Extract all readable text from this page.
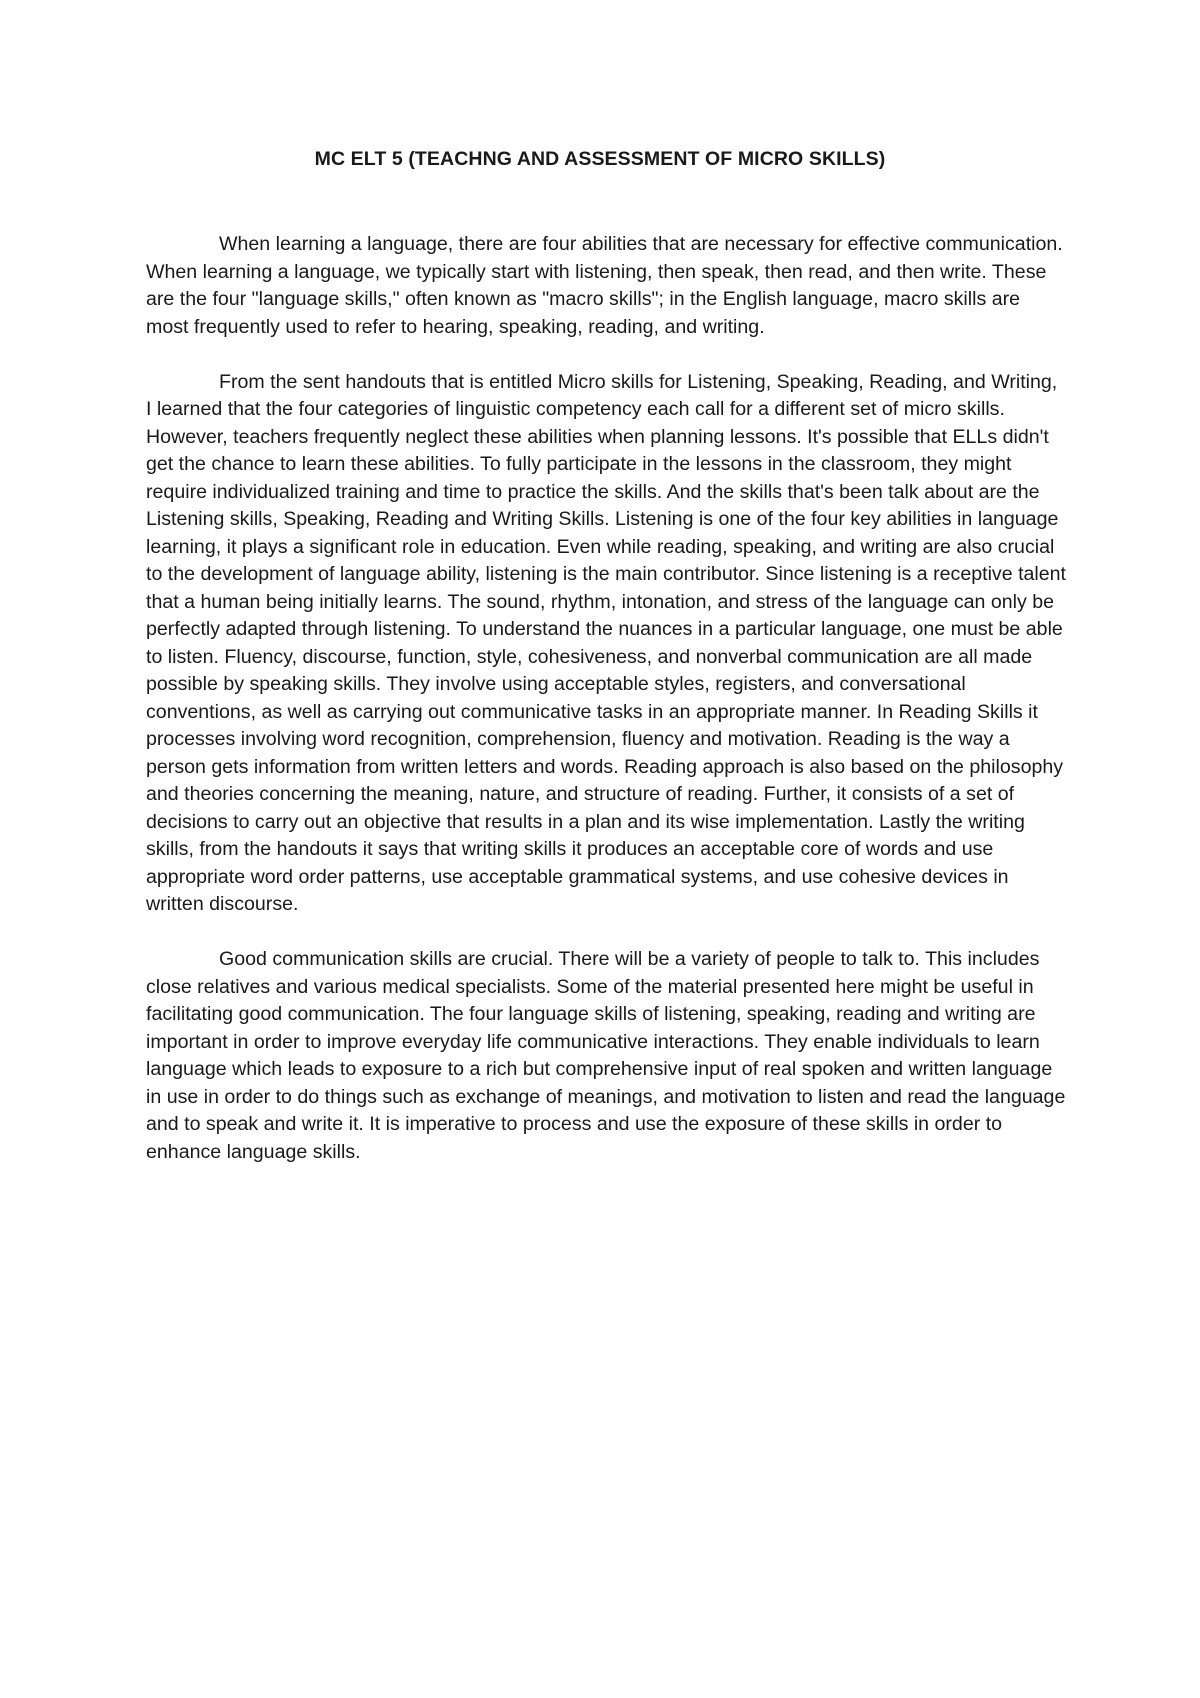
MC ELT 5 (TEACHNG AND ASSESSMENT OF MICRO SKILLS)

When learning a language, there are four abilities that are necessary for effective communication. When learning a language, we typically start with listening, then speak, then read, and then write. These are the four "language skills," often known as "macro skills"; in the English language, macro skills are most frequently used to refer to hearing, speaking, reading, and writing.

From the sent handouts that is entitled Micro skills for Listening, Speaking, Reading, and Writing, I learned that the four categories of linguistic competency each call for a different set of micro skills. However, teachers frequently neglect these abilities when planning lessons. It's possible that ELLs didn't get the chance to learn these abilities. To fully participate in the lessons in the classroom, they might require individualized training and time to practice the skills. And the skills that's been talk about are the Listening skills, Speaking, Reading and Writing Skills. Listening is one of the four key abilities in language learning, it plays a significant role in education. Even while reading, speaking, and writing are also crucial to the development of language ability, listening is the main contributor. Since listening is a receptive talent that a human being initially learns. The sound, rhythm, intonation, and stress of the language can only be perfectly adapted through listening. To understand the nuances in a particular language, one must be able to listen. Fluency, discourse, function, style, cohesiveness, and nonverbal communication are all made possible by speaking skills. They involve using acceptable styles, registers, and conversational conventions, as well as carrying out communicative tasks in an appropriate manner. In Reading Skills it processes involving word recognition, comprehension, fluency and motivation. Reading is the way a person gets information from written letters and words. Reading approach is also based on the philosophy and theories concerning the meaning, nature, and structure of reading. Further, it consists of a set of decisions to carry out an objective that results in a plan and its wise implementation. Lastly the writing skills, from the handouts it says that writing skills it produces an acceptable core of words and use appropriate word order patterns, use acceptable grammatical systems, and use cohesive devices in written discourse.

Good communication skills are crucial. There will be a variety of people to talk to. This includes close relatives and various medical specialists. Some of the material presented here might be useful in facilitating good communication. The four language skills of listening, speaking, reading and writing are important in order to improve everyday life communicative interactions. They enable individuals to learn language which leads to exposure to a rich but comprehensive input of real spoken and written language in use in order to do things such as exchange of meanings, and motivation to listen and read the language and to speak and write it. It is imperative to process and use the exposure of these skills in order to enhance language skills.
